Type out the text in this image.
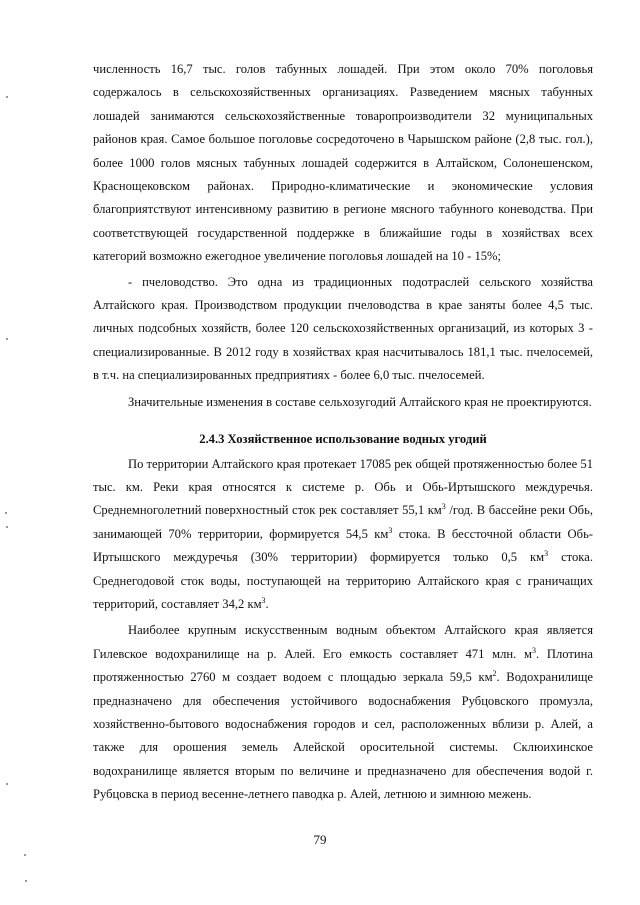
численность 16,7 тыс. голов табунных лошадей. При этом около 70% поголовья содержалось в сельскохозяйственных организациях. Разведением мясных табунных лошадей занимаются сельскохозяйственные товаропроизводители 32 муниципальных районов края. Самое большое поголовье сосредоточено в Чарышском районе (2,8 тыс. гол.), более 1000 голов мясных табунных лошадей содержится в Алтайском, Солонешенском, Краснощековском районах. Природно-климатические и экономические условия благоприятствуют интенсивному развитию в регионе мясного табунного коневодства. При соответствующей государственной поддержке в ближайшие годы в хозяйствах всех категорий возможно ежегодное увеличение поголовья лошадей на 10 - 15%;

- пчеловодство. Это одна из традиционных подотраслей сельского хозяйства Алтайского края. Производством продукции пчеловодства в крае заняты более 4,5 тыс. личных подсобных хозяйств, более 120 сельскохозяйственных организаций, из которых 3 - специализированные. В 2012 году в хозяйствах края насчитывалось 181,1 тыс. пчелосемей, в т.ч. на специализированных предприятиях - более 6,0 тыс. пчелосемей.

Значительные изменения в составе сельхозугодий Алтайского края не проектируются.

2.4.3 Хозяйственное использование водных угодий

По территории Алтайского края протекает 17085 рек общей протяженностью более 51 тыс. км. Реки края относятся к системе р. Обь и Обь-Иртышского междуречья. Среднемноголетний поверхностный сток рек составляет 55,1 $км^3$ /год. В бассейне реки Обь, занимающей 70% территории, формируется 54,5 $км^3$ стока. В бессточной области Обь-Иртышского междуречья (30% территории) формируется только 0,5 $км^3$ стока. Среднегодовой сток воды, поступающей на территорию Алтайского края с граничащих территорий, составляет 34,2 $км^3$.

Наиболее крупным искусственным водным объектом Алтайского края является Гилевское водохранилище на р. Алей. Его емкость составляет 471 млн. $м^3$. Плотина протяженностью 2760 м создает водоем с площадью зеркала 59,5 $км^2$. Водохранилище предназначено для обеспечения устойчивого водоснабжения Рубцовского промузла, хозяйственно-бытового водоснабжения городов и сел, расположенных вблизи р. Алей, а также для орошения земель Алейской оросительной системы. Склюихинское водохранилище является вторым по величине и предназначено для обеспечения водой г. Рубцовска в период весенне-летнего паводка р. Алей, летнюю и зимнюю межень.

79
